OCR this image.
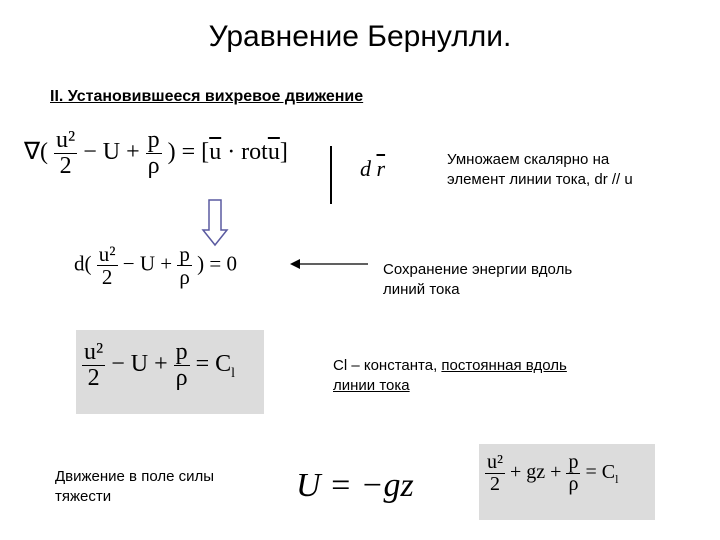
Уравнение Бернулли.
II. Установившееся вихревое движение
∇( $\frac{\text{u²}}{2} - U + \frac{p}{\rho}$ ) = $[\overline{u} \cdot rot\overline{u}]$
d $\overline{r}$	Умножаем скалярно на
элемент линии тока, dr // u
$d( \frac{\text{u²}}{2} - U + \frac{p}{\rho}$ ) = 0	Сохранение энергии вдоль
линий тока
$\frac{\text{u²}}{2} - U + \frac{p}{\rho} = C_l$	Cl – константа, постоянная вдоль
линии тока
Движение в поле силы
тяжести	U = −gz	$\frac{\text{u²}}{2}$ + gz + $\frac{p}{\rho} = C_l$
